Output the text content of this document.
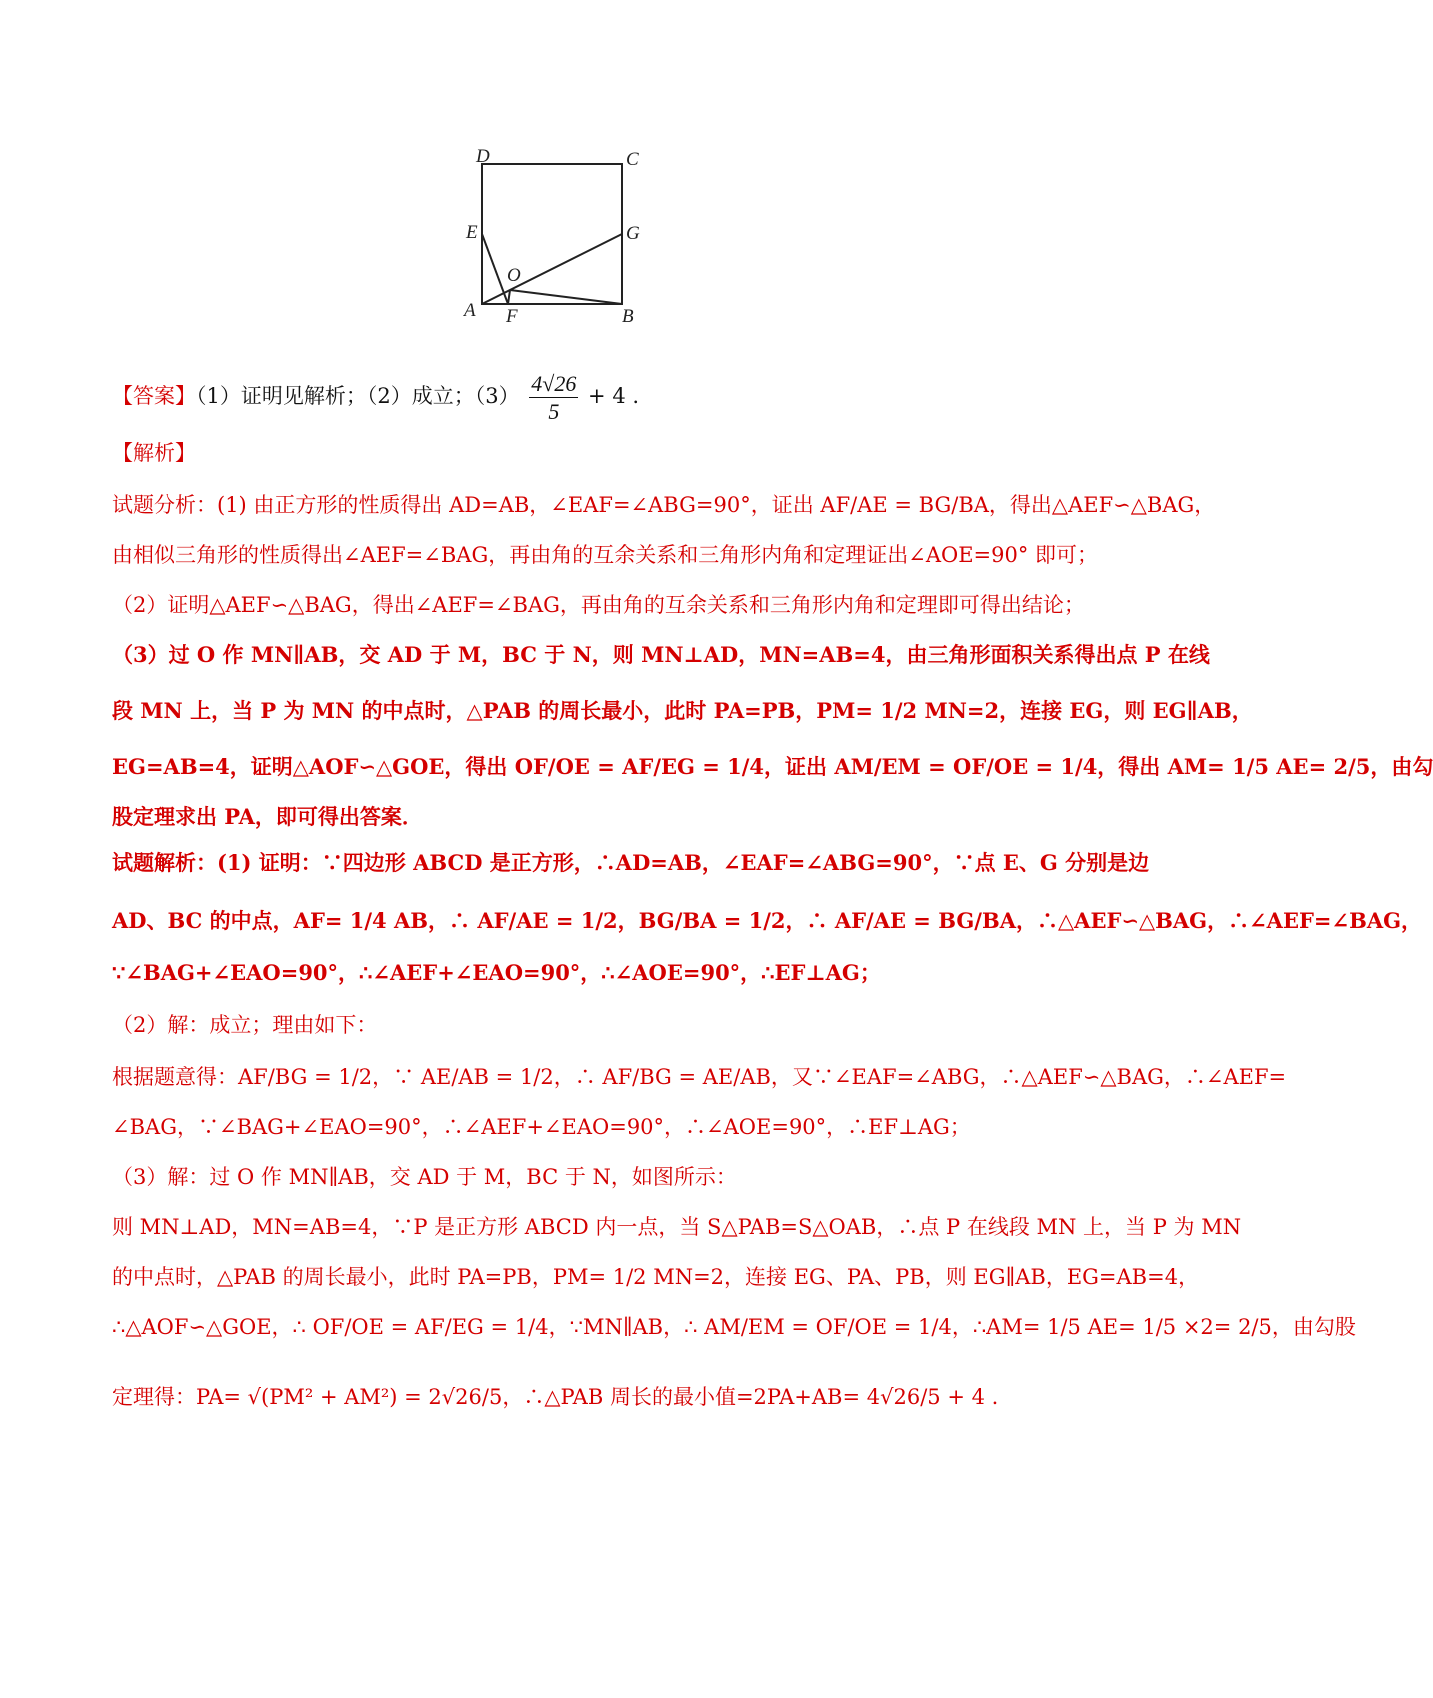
D	C
E	G
O
A F	B
【答案】（1）证明见解析；（2）成立；$(3) \frac{4√26}{5} + 4$ .
【解析】
试题分析：(1) 由正方形的性质得出 AD=AB，∠EAF=∠ABG=90°，证出 AF/AE = BG/BA，得出△AEF∽△BAG，
由相似三角形的性质得出∠AEF=∠BAG，再由角的互余关系和三角形内角和定理证出∠AOE=90° 即可；
（2）证明△AEF∽△BAG，得出∠AEF=∠BAG，再由角的互余关系和三角形内角和定理即可得出结论；
（3）过 O 作 MN∥AB，交 AD 于 M，BC 于 N，则 MN⊥AD，MN=AB=4，由三角形面积关系得出点 P 在线
段 MN 上，当 P 为 MN 的中点时，△PAB 的周长最小，此时 PA=PB，PM= 1/2 MN=2，连接 EG，则 EG∥AB，
EG=AB=4，证明△AOF∽△GOE，得出 OF/OE = AF/EG = 1/4，证出 AM/EM = OF/OE = 1/4，得出 AM= 1/5 AE= 2/5，由勾
股定理求出 PA，即可得出答案．
试题解析：(1) 证明：∵四边形 ABCD 是正方形，∴AD=AB，∠EAF=∠ABG=90°，∵点 E、G 分别是边
AD、BC 的中点，AF= 1/4 AB，∴ AF/AE = 1/2，BG/BA = 1/2，∴ AF/AE = BG/BA，∴△AEF∽△BAG，∴∠AEF=∠BAG，
∵∠BAG+∠EAO=90°，∴∠AEF+∠EAO=90°，∴∠AOE=90°，∴EF⊥AG；
（2）解：成立；理由如下：
根据题意得：AF/BG = 1/2，∵ AE/AB = 1/2，∴ AF/BG = AE/AB，又∵∠EAF=∠ABG，∴△AEF∽△BAG，∴∠AEF=
∠BAG，∵∠BAG+∠EAO=90°，∴∠AEF+∠EAO=90°，∴∠AOE=90°，∴EF⊥AG；
（3）解：过 O 作 MN∥AB，交 AD 于 M，BC 于 N，如图所示：
则 MN⊥AD，MN=AB=4，∵P 是正方形 ABCD 内一点，当 S△PAB=S△OAB，∴点 P 在线段 MN 上，当 P 为 MN
的中点时，△PAB 的周长最小，此时 PA=PB，PM= 1/2 MN=2，连接 EG、PA、PB，则 EG∥AB，EG=AB=4，
∴△AOF∽△GOE，∴ OF/OE = AF/EG = 1/4，∵MN∥AB，∴ AM/EM = OF/OE = 1/4，∴AM= 1/5 AE= 1/5 ×2= 2/5，由勾股
定理得：PA= √(PM² + AM²) = 2√26/5，∴△PAB 周长的最小值=2PA+AB= 4√26/5 + 4 .
